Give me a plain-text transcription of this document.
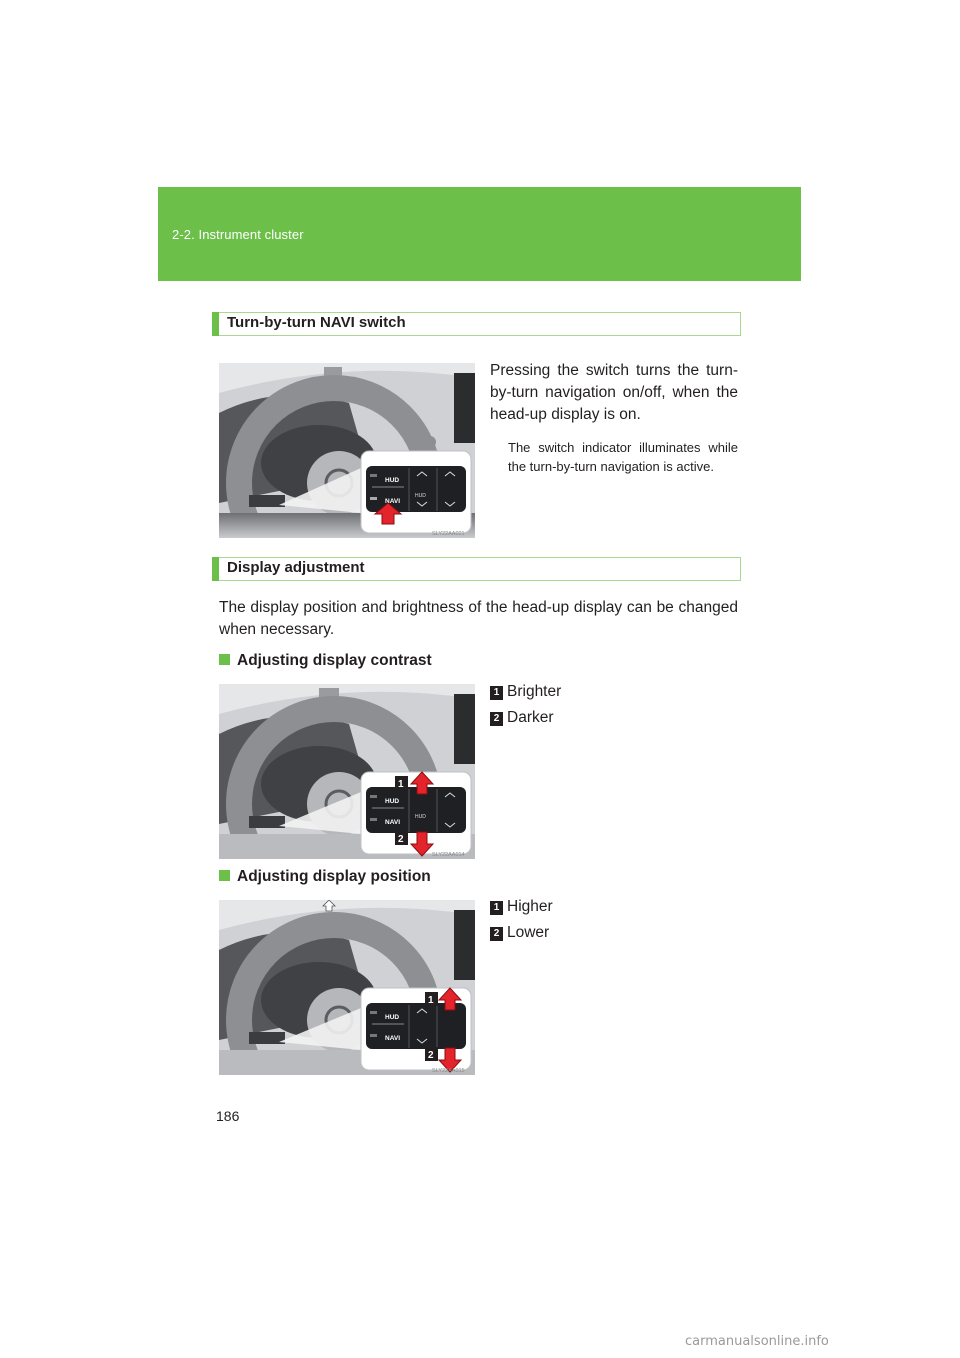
2-2. Instrument cluster
Turn-by-turn NAVI switch
HUD
NAVI
HUD
SLY22AA021
Pressing the switch turns the turn-by-turn navigation on/off, when the head-up display is on.
The switch indicator illuminates while the turn-by-turn navigation is active.
Display adjustment
The display position and brightness of the head-up display can be changed when necessary.
Adjusting display contrast
HUD
NAVI
HUD
1
2
SLY22AA014
1 Brighter
2 Darker
Adjusting display position
HUD
NAVI
1
2
SLY22AA015
1 Higher
2 Lower
186
carmanualsonline.info
